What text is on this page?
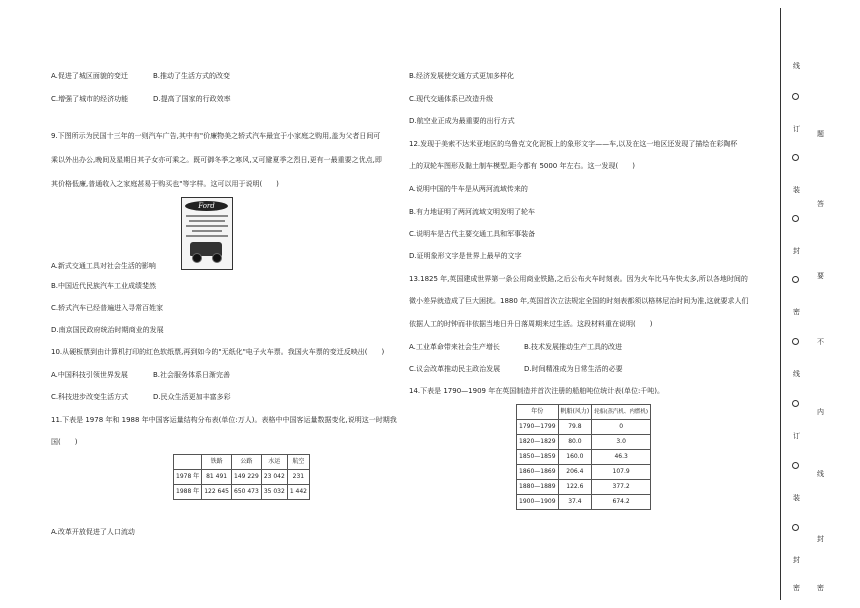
A.促进了城区面貌的变迁	B.推动了生活方式的改变
C.增强了城市的经济功能	D.提高了国家的行政效率
9.下图所示为民国十三年的一则汽车广告,其中有"价廉物美之轿式汽车最宜于小家庭之购用,盖为父者日间可
乘以外出办公,晚间及星期日其子女亦可乘之。既可御冬季之寒风,又可避夏季之烈日,更有一最重要之优点,即
其价格低廉,普通收入之家庭甚易于购买也"等字样。这可以用于说明(　　)
Ford
A.新式交通工具对社会生活的影响
B.中国近代民族汽车工业成绩斐然
C.轿式汽车已经普遍进入寻常百姓家
D.南京国民政府统治时期商业的发展
10.从硬板票到由计算机打印的红色软纸票,再到如今的"无纸化"电子火车票。我国火车票的变迁反映出(　　)
A.中国科技引领世界发展	B.社会服务体系日渐完善
C.科技进步改变生活方式	D.民众生活更加丰富多彩
11.下表是 1978 年和 1988 年中国客运量结构分布表(单位:万人)。表格中中国客运量数据变化,说明这一时期我
国(　　)
	铁路	公路	水运	航空
1978 年	81 491	149 229	23 042	231
1988 年	122 645	650 473	35 032	1 442
A.改革开放促进了人口流动
B.经济发展使交通方式更加多样化
C.现代交通体系已改造升级
D.航空业正成为最重要的出行方式
12.发现于美索不达米亚地区的乌鲁克文化泥板上的象形文字——车,以及在这一地区还发现了描绘在彩陶杯
上的双轮车图形及黏土制车模型,距今都有 5000 年左右。这一发现(　　)
A.说明中国的牛车是从两河流域传来的
B.有力地证明了两河流域文明发明了轮车
C.说明车是古代主要交通工具和军事装备
D.证明象形文字是世界上最早的文字
13.1825 年,英国建成世界第一条公用商业铁路,之后公布火车时刻表。因为火车比马车快太多,所以各地时间的
微小差异就造成了巨大困扰。1880 年,英国首次立法规定全国的时刻表都须以格林尼治时间为准,这就要求人们
依据人工的时钟而非依据当地日升日落周期来过生活。这段材料重在说明(　　)
A.工业革命带来社会生产增长	B.技术发展推动生产工具的改进
C.议会改革推动民主政治发展	D.时间精准成为日常生活的必要
14.下表是 1790—1909 年在英国制造并首次注册的船舶吨位统计表(单位:千吨)。
年份	帆船(风力)	轮船(蒸汽机、内燃机)
1790—1799	79.8	0
1820—1829	80.0	3.0
1850—1859	160.0	46.3
1860—1869	206.4	107.9
1880—1889	122.6	377.2
1900—1909	37.4	674.2
线
订
装
封
密
线
订
装
封
密
题
答
要
不
内
线
封
密
